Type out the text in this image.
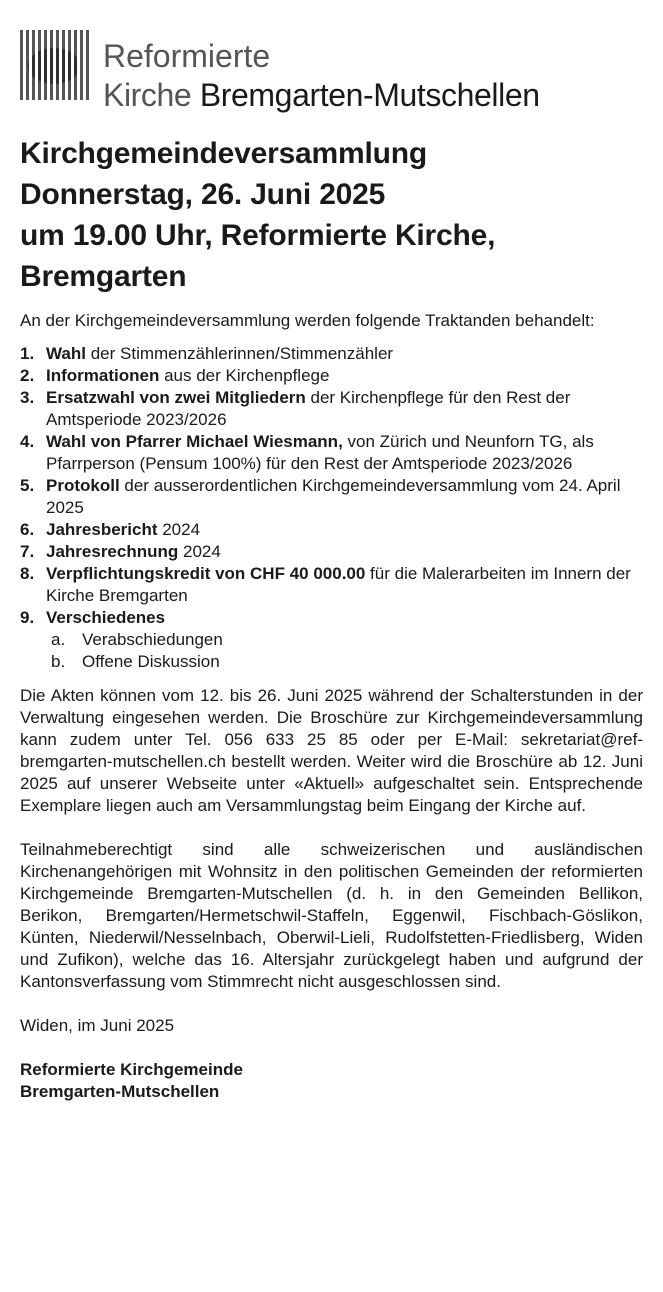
Reformierte
Kirche Bremgarten-Mutschellen
Kirchgemeindeversammlung
Donnerstag, 26. Juni 2025
um 19.00 Uhr, Reformierte Kirche,
Bremgarten

An der Kirchgemeindeversammlung werden folgende Traktanden behandelt:

1. Wahl der Stimmenzählerinnen/Stimmenzähler
2. Informationen aus der Kirchenpflege
3. Ersatzwahl von zwei Mitgliedern der Kirchenpflege für den Rest der Amtsperiode 2023/2026
4. Wahl von Pfarrer Michael Wiesmann, von Zürich und Neunforn TG, als Pfarrperson (Pensum 100%) für den Rest der Amtsperiode 2023/2026
5. Protokoll der ausserordentlichen Kirchgemeindeversammlung vom 24. April 2025
6. Jahresbericht 2024
7. Jahresrechnung 2024
8. Verpflichtungskredit von CHF 40 000.00 für die Malerarbeiten im Innern der Kirche Bremgarten
9. Verschiedenes
a. Verabschiedungen
b. Offene Diskussion

Die Akten können vom 12. bis 26. Juni 2025 während der Schalterstunden in der Verwaltung eingesehen werden. Die Broschüre zur Kirchgemeindeversammlung kann zudem unter Tel. 056 633 25 85 oder per E-Mail: sekretariat@ref-bremgarten-mutschellen.ch bestellt werden. Weiter wird die Broschüre ab 12. Juni 2025 auf unserer Webseite unter «Aktuell» aufgeschaltet sein. Entsprechende Exemplare liegen auch am Versammlungstag beim Eingang der Kirche auf.

Teilnahmeberechtigt sind alle schweizerischen und ausländischen Kirchenangehörigen mit Wohnsitz in den politischen Gemeinden der reformierten Kirchgemeinde Bremgarten-Mutschellen (d. h. in den Gemeinden Bellikon, Berikon, Bremgarten/Hermetschwil-Staffeln, Eggenwil, Fischbach-Göslikon, Künten, Niederwil/Nesselnbach, Oberwil-Lieli, Rudolfstetten-Friedlisberg, Widen und Zufikon), welche das 16. Altersjahr zurückgelegt haben und aufgrund der Kantonsverfassung vom Stimmrecht nicht ausgeschlossen sind.

Widen, im Juni 2025

Reformierte Kirchgemeinde
Bremgarten-Mutschellen
